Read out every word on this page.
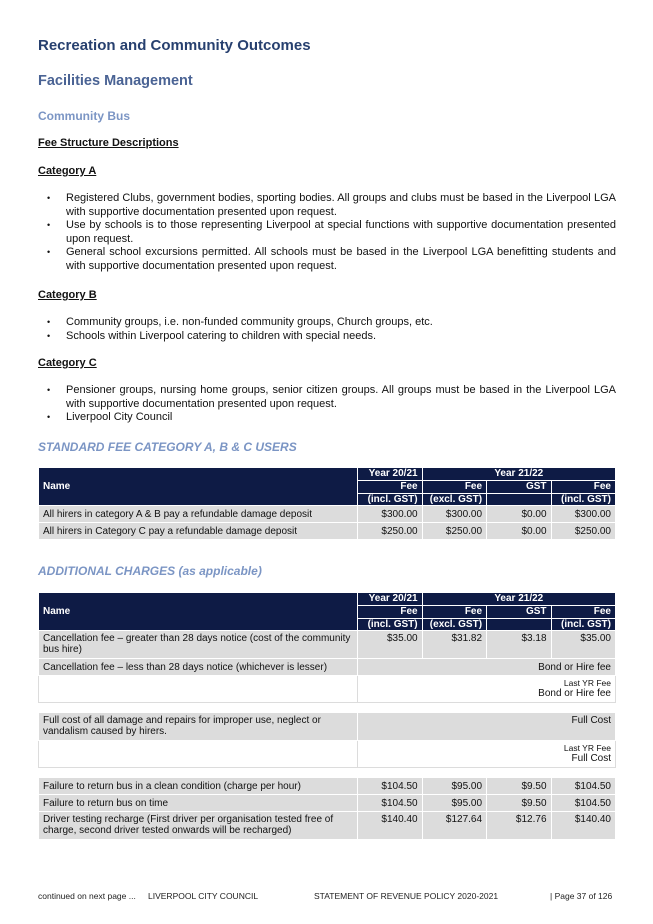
Recreation and Community Outcomes
Facilities Management
Community Bus
Fee Structure Descriptions
Category A
• Registered Clubs, government bodies, sporting bodies. All groups and clubs must be based in the Liverpool LGA with supportive documentation presented upon request.
• Use by schools is to those representing Liverpool at special functions with supportive documentation presented upon request.
• General school excursions permitted. All schools must be based in the Liverpool LGA benefitting students and with supportive documentation presented upon request.
Category B
• Community groups, i.e. non-funded community groups, Church groups, etc.
• Schools within Liverpool catering to children with special needs.
Category C
• Pensioner groups, nursing home groups, senior citizen groups. All groups must be based in the Liverpool LGA with supportive documentation presented upon request.
• Liverpool City Council
STANDARD FEE CATEGORY A, B & C USERS
Name	Year 20/21	Year 21/22		
	Fee	Fee	GST	Fee
	(incl. GST)	(excl. GST)		(incl. GST)
All hirers in category A & B pay a refundable damage deposit	$300.00	$300.00	$0.00	$300.00
All hirers in Category C pay a refundable damage deposit	$250.00	$250.00	$0.00	$250.00
ADDITIONAL CHARGES (as applicable)
Name	Year 20/21	Year 21/22		
	Fee	Fee	GST	Fee
	(incl. GST)	(excl. GST)		(incl. GST)
Cancellation fee – greater than 28 days notice (cost of the community bus hire)	$35.00	$31.82	$3.18	$35.00
Cancellation fee – less than 28 days notice (whichever is lesser)	Bond or Hire fee			

	Last YR Fee
Bond or Hire fee			

Full cost of all damage and repairs for improper use, neglect or vandalism caused by hirers.	Full Cost			

	Last YR Fee
Full Cost			

Failure to return bus in a clean condition (charge per hour)	$104.50	$95.00	$9.50	$104.50
Failure to return bus on time	$104.50	$95.00	$9.50	$104.50
Driver testing recharge (First driver per organisation tested free of charge, second driver tested onwards will be recharged)	$140.40	$127.64	$12.76	$140.40
continued on next page ... LIVERPOOL CITY COUNCIL	STATEMENT OF REVENUE POLICY 2020-2021	| Page 37 of 126
